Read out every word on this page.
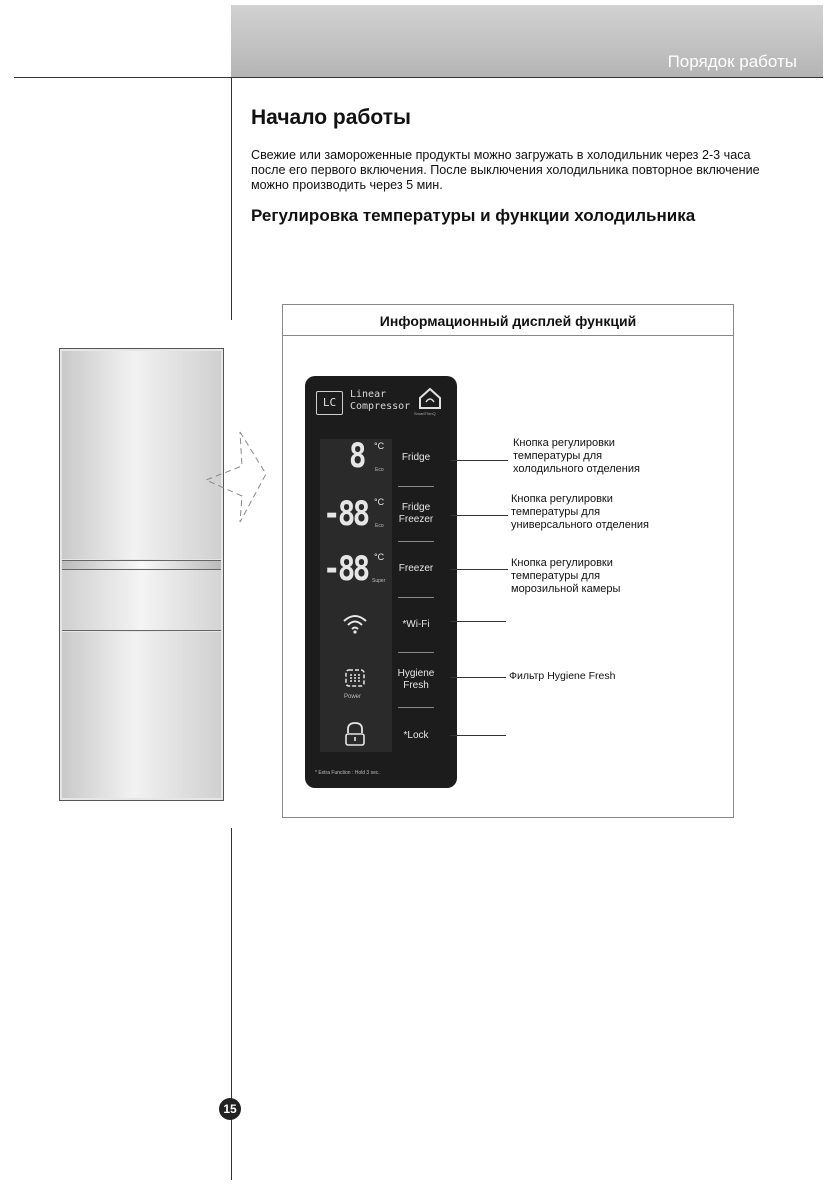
Порядок работы
Начало работы
Свежие или замороженные продукты можно загружать в холодильник через 2-3 часа после его первого включения. После выключения холодильника повторное включение можно производить через 5 мин.
Регулировка температуры и функции холодильника
Информационный дисплей функций
LC
Linear
Compressor
SmartThinQ
8 °C
Eco
Fridge
-88 °C
Eco
Fridge
Freezer
-88 °C
Super
Freezer
*Wi-Fi
Power
Hygiene
Fresh
*Lock
* Extra Function : Hold 3 sec.
Кнопка регулировки
температуры для
холодильного отделения
Кнопка регулировки
температуры для
универсального отделения
Кнопка регулировки
температуры для
морозильной камеры
Фильтр Hygiene Fresh
15
